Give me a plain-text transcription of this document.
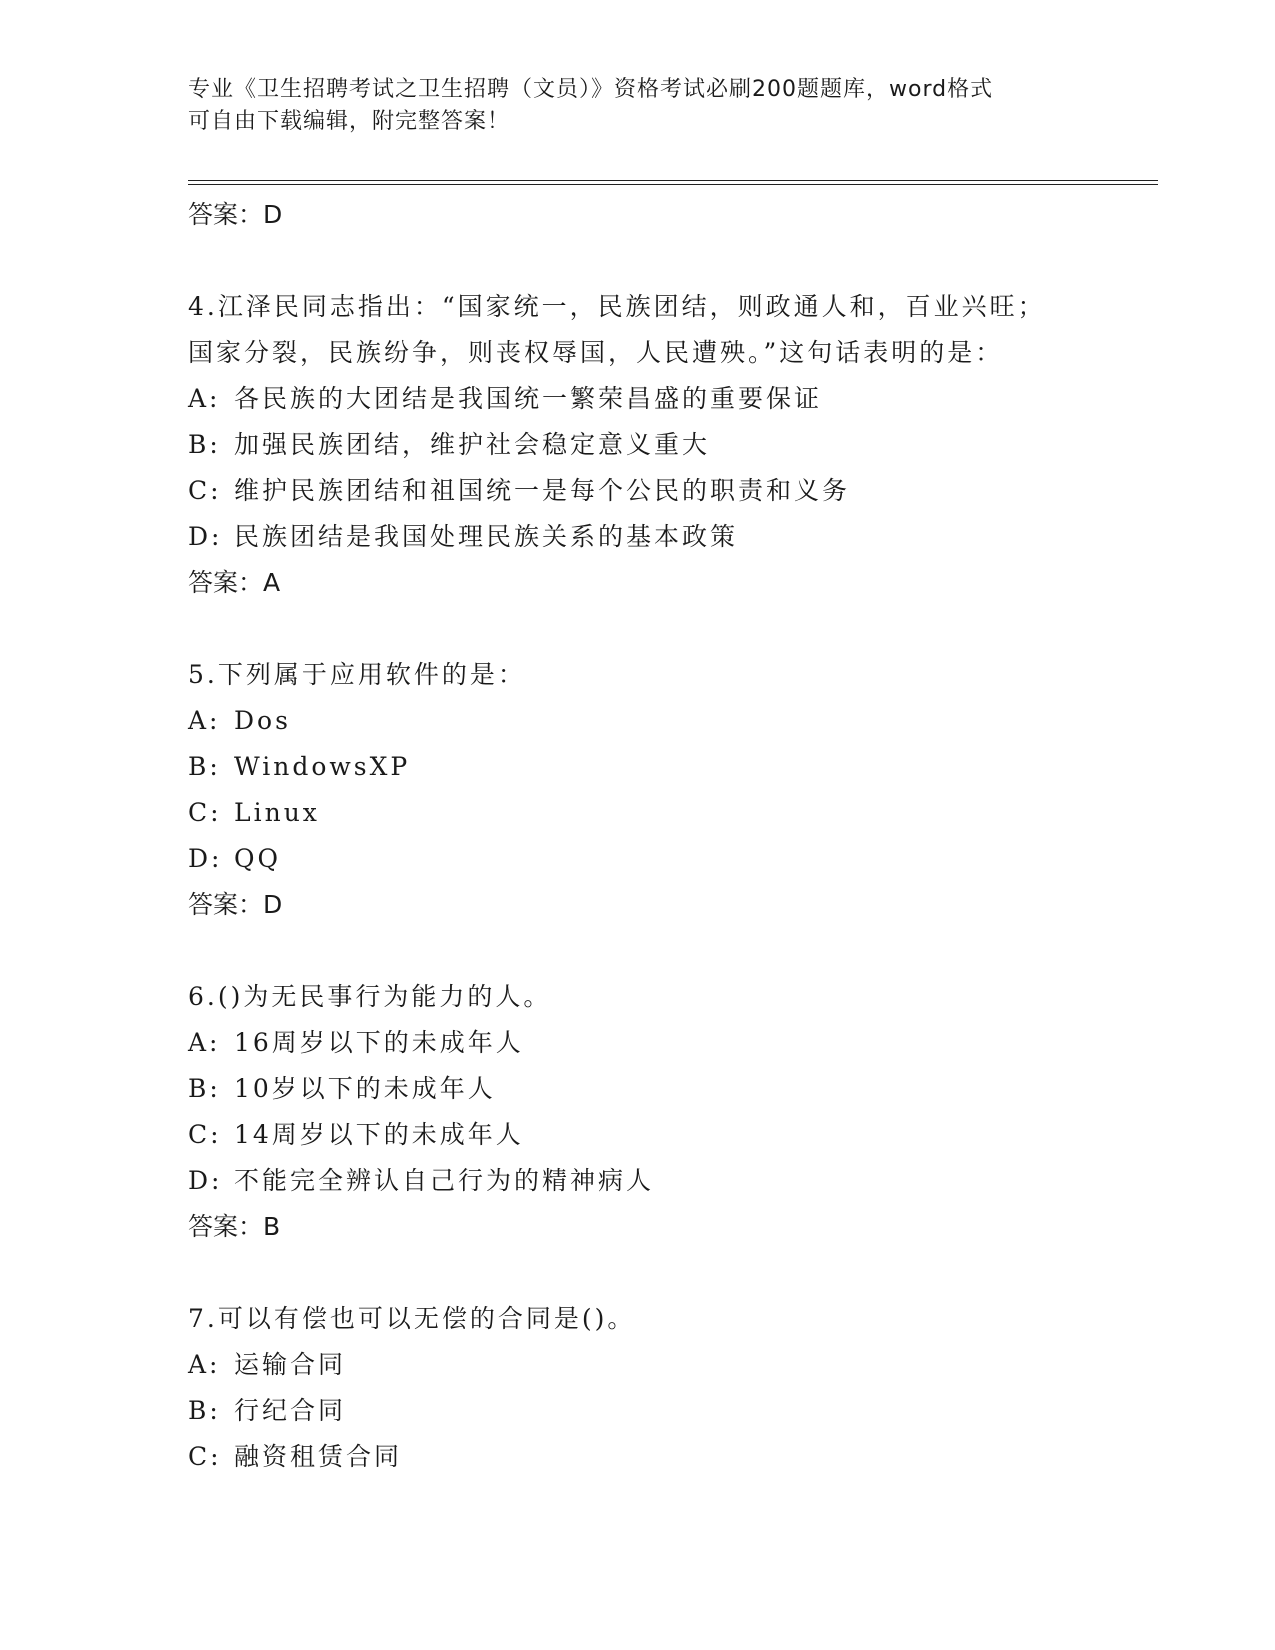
专业《卫生招聘考试之卫生招聘（文员）》资格考试必刷200题题库，word格式
可自由下载编辑，附完整答案！
答案：D
4.江泽民同志指出：“国家统一，民族团结，则政通人和，百业兴旺；
国家分裂，民族纷争，则丧权辱国，人民遭殃。”这句话表明的是：
A: 各民族的大团结是我国统一繁荣昌盛的重要保证
B: 加强民族团结，维护社会稳定意义重大
C: 维护民族团结和祖国统一是每个公民的职责和义务
D: 民族团结是我国处理民族关系的基本政策
答案：A
5.下列属于应用软件的是：
A: Dos
B: WindowsXP
C: Linux
D: QQ
答案：D
6.()为无民事行为能力的人。
A: 16周岁以下的未成年人
B: 10岁以下的未成年人
C: 14周岁以下的未成年人
D: 不能完全辨认自己行为的精神病人
答案：B
7.可以有偿也可以无偿的合同是()。
A: 运输合同
B: 行纪合同
C: 融资租赁合同
